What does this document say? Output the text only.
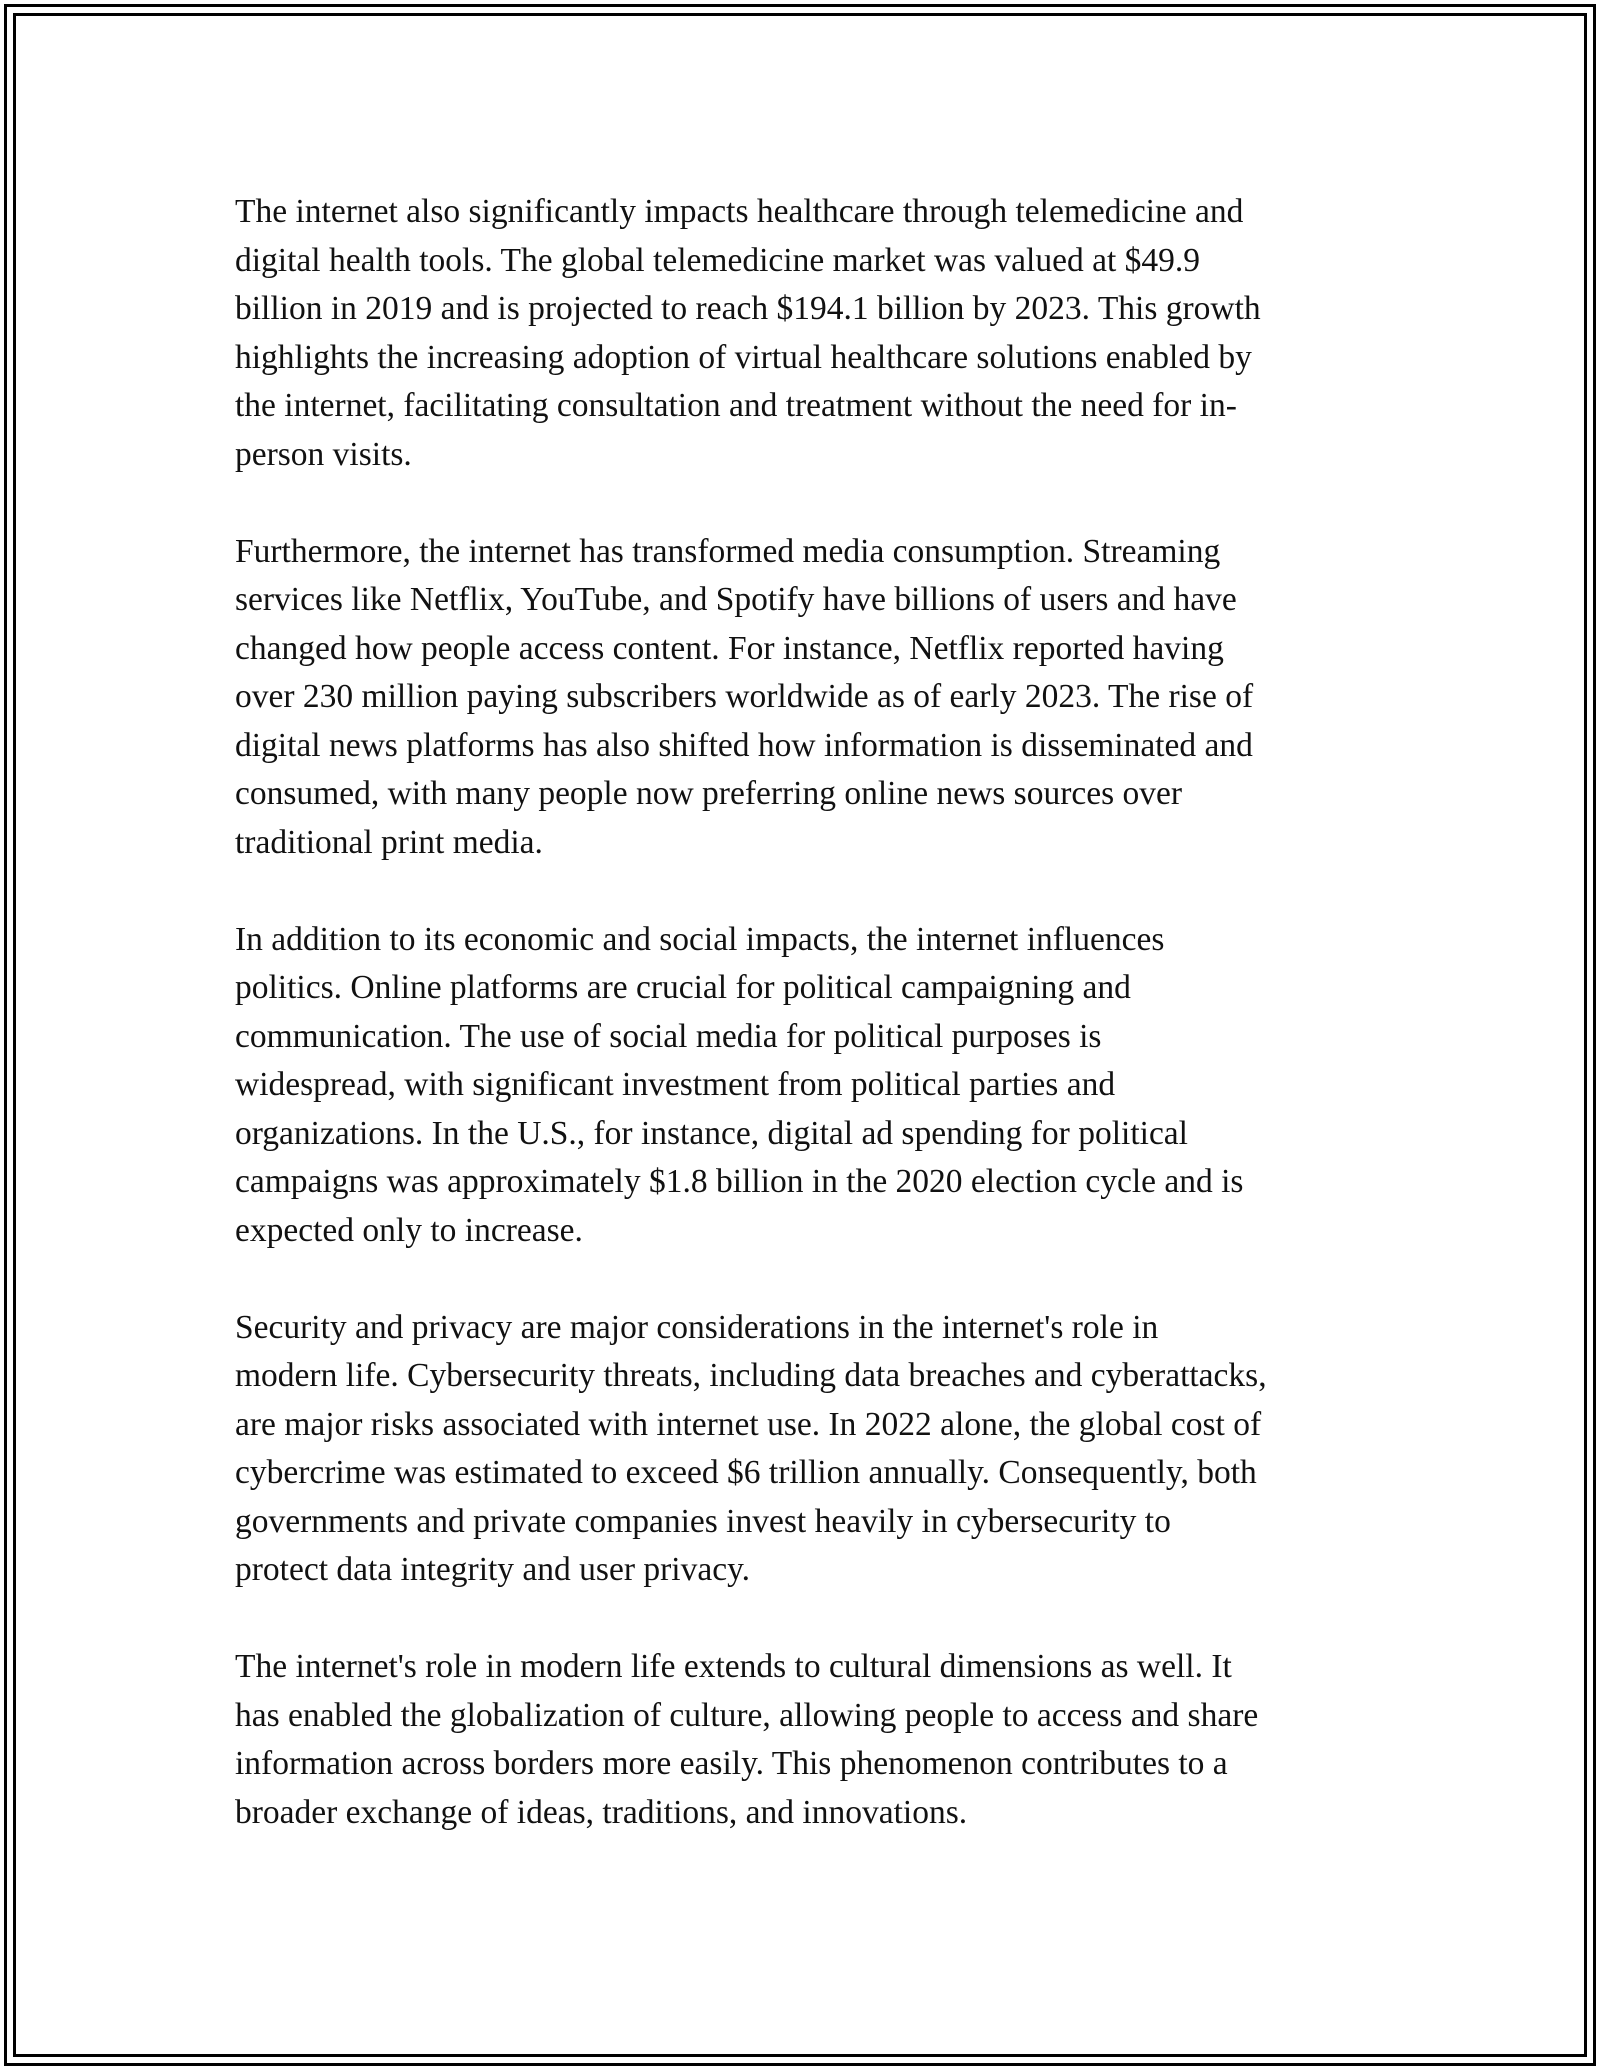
The internet also significantly impacts healthcare through telemedicine and
digital health tools. The global telemedicine market was valued at $49.9
billion in 2019 and is projected to reach $194.1 billion by 2023. This growth
highlights the increasing adoption of virtual healthcare solutions enabled by
the internet, facilitating consultation and treatment without the need for in-
person visits.

Furthermore, the internet has transformed media consumption. Streaming
services like Netflix, YouTube, and Spotify have billions of users and have
changed how people access content. For instance, Netflix reported having
over 230 million paying subscribers worldwide as of early 2023. The rise of
digital news platforms has also shifted how information is disseminated and
consumed, with many people now preferring online news sources over
traditional print media.

In addition to its economic and social impacts, the internet influences
politics. Online platforms are crucial for political campaigning and
communication. The use of social media for political purposes is
widespread, with significant investment from political parties and
organizations. In the U.S., for instance, digital ad spending for political
campaigns was approximately $1.8 billion in the 2020 election cycle and is
expected only to increase.

Security and privacy are major considerations in the internet's role in
modern life. Cybersecurity threats, including data breaches and cyberattacks,
are major risks associated with internet use. In 2022 alone, the global cost of
cybercrime was estimated to exceed $6 trillion annually. Consequently, both
governments and private companies invest heavily in cybersecurity to
protect data integrity and user privacy.

The internet's role in modern life extends to cultural dimensions as well. It
has enabled the globalization of culture, allowing people to access and share
information across borders more easily. This phenomenon contributes to a
broader exchange of ideas, traditions, and innovations.
